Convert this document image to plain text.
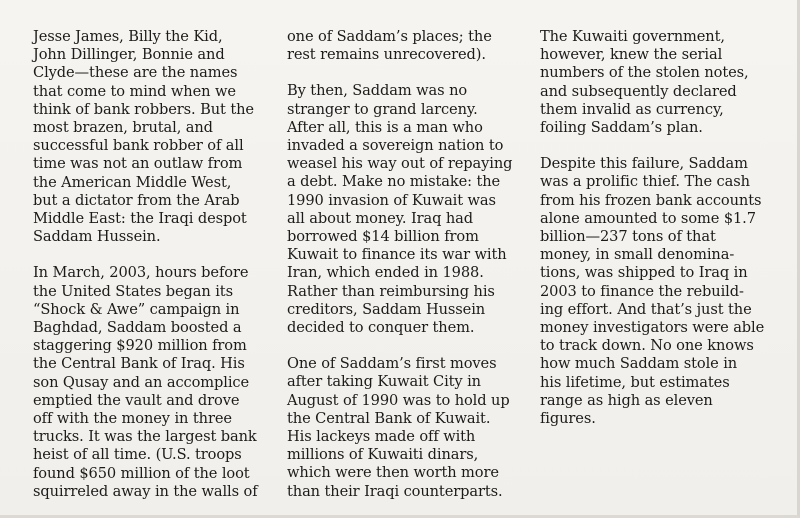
Jesse James, Billy the Kid,
John Dillinger, Bonnie and
Clyde—these are the names
that come to mind when we
think of bank robbers. But the
most brazen, brutal, and
successful bank robber of all
time was not an outlaw from
the American Middle West,
but a dictator from the Arab
Middle East: the Iraqi despot
Saddam Hussein.

In March, 2003, hours before
the United States began its
“Shock & Awe” campaign in
Baghdad, Saddam boosted a
staggering $920 million from
the Central Bank of Iraq. His
son Qusay and an accomplice
emptied the vault and drove
off with the money in three
trucks. It was the largest bank
heist of all time. (U.S. troops
found $650 million of the loot
squirreled away in the walls of

one of Saddam’s places; the
rest remains unrecovered).

By then, Saddam was no
stranger to grand larceny.
After all, this is a man who
invaded a sovereign nation to
weasel his way out of repaying
a debt. Make no mistake: the
1990 invasion of Kuwait was
all about money. Iraq had
borrowed $14 billion from
Kuwait to finance its war with
Iran, which ended in 1988.
Rather than reimbursing his
creditors, Saddam Hussein
decided to conquer them.

One of Saddam’s first moves
after taking Kuwait City in
August of 1990 was to hold up
the Central Bank of Kuwait.
His lackeys made off with
millions of Kuwaiti dinars,
which were then worth more
than their Iraqi counterparts.

The Kuwaiti government,
however, knew the serial
numbers of the stolen notes,
and subsequently declared
them invalid as currency,
foiling Saddam’s plan.

Despite this failure, Saddam
was a prolific thief. The cash
from his frozen bank accounts
alone amounted to some $1.7
billion—237 tons of that
money, in small denomina-
tions, was shipped to Iraq in
2003 to finance the rebuild-
ing effort. And that’s just the
money investigators were able
to track down. No one knows
how much Saddam stole in
his lifetime, but estimates
range as high as eleven
figures.
